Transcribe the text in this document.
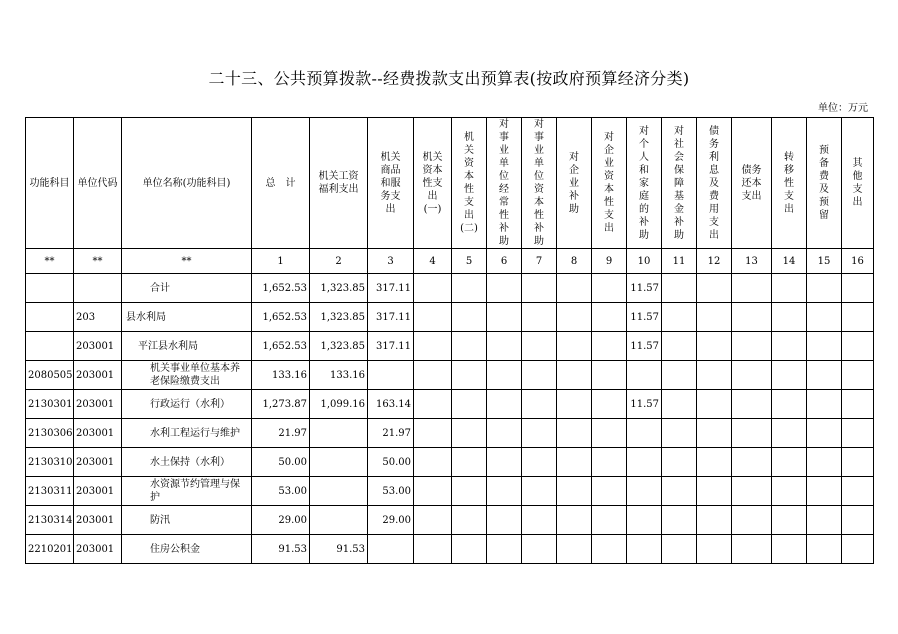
二十三、公共预算拨款--经费拨款支出预算表(按政府预算经济分类)
单位：万元
功能科目	单位代码	单位名称(功能科目)	总　计	机关工资福利支出	机关商品和服务支出	机关资本性支出(一)	机关资本性支出(二)	对事业单位经常性补助	对事业单位资本性补助	对企业补助	对企业资本性支出	对个人和家庭的补助	对社会保障基金补助	债务利息及费用支出	债务还本支出	转移性支出	预备费及预留	其他支出
**	**	**	1	2	3	4	5	6	7	8	9	10	11	12	13	14	15	16
		合计	1,652.53	1,323.85	317.11							11.57						
	203	县水利局	1,652.53	1,323.85	317.11							11.57						
	203001	平江县水利局	1,652.53	1,323.85	317.11							11.57						
2080505	203001	机关事业单位基本养老保险缴费支出	133.16	133.16														
2130301	203001	行政运行（水利）	1,273.87	1,099.16	163.14							11.57						
2130306	203001	水利工程运行与维护	21.97		21.97													
2130310	203001	水土保持（水利）	50.00		50.00													
2130311	203001	水资源节约管理与保护	53.00		53.00													
2130314	203001	防汛	29.00		29.00													
2210201	203001	住房公积金	91.53	91.53														
